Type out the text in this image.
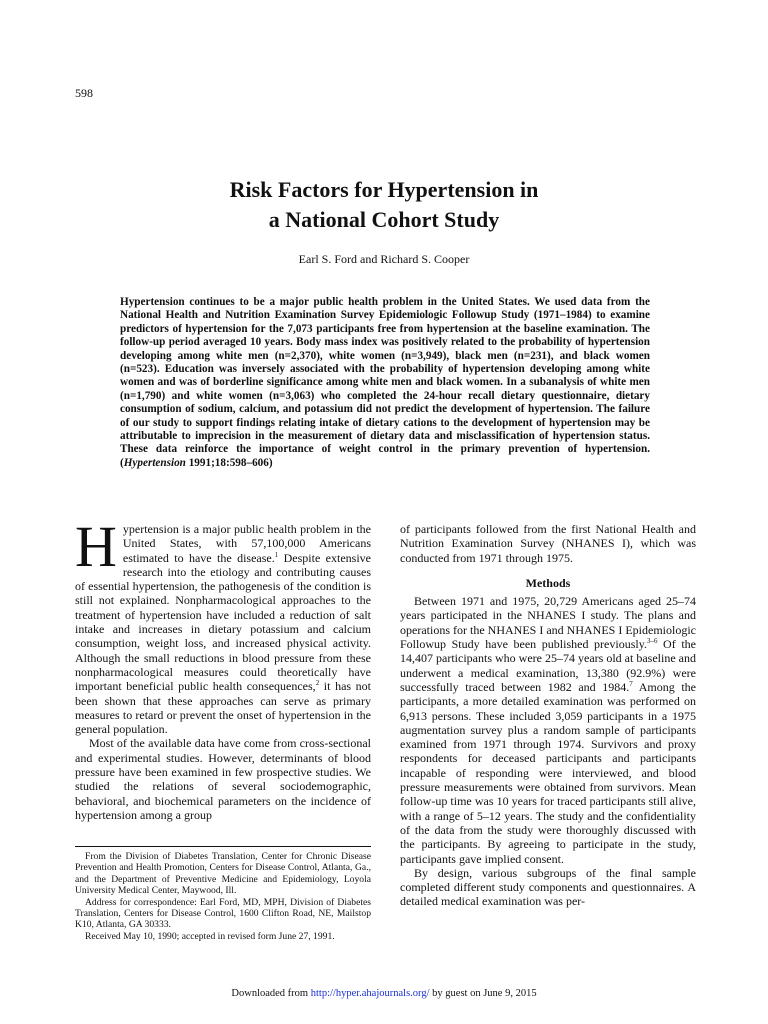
598
Risk Factors for Hypertension in
a National Cohort Study
Earl S. Ford and Richard S. Cooper

Hypertension continues to be a major public health problem in the United States. We used data from the National Health and Nutrition Examination Survey Epidemiologic Followup Study (1971–1984) to examine predictors of hypertension for the 7,073 participants free from hypertension at the baseline examination. The follow-up period averaged 10 years. Body mass index was positively related to the probability of hypertension developing among white men (n=2,370), white women (n=3,949), black men (n=231), and black women (n=523). Education was inversely associated with the probability of hypertension developing among white women and was of borderline significance among white men and black women. In a subanalysis of white men (n=1,790) and white women (n=3,063) who completed the 24-hour recall dietary questionnaire, dietary consumption of sodium, calcium, and potassium did not predict the development of hypertension. The failure of our study to support findings relating intake of dietary cations to the development of hypertension may be attributable to imprecision in the measurement of dietary data and misclassification of hypertension status. These data reinforce the importance of weight control in the primary prevention of hypertension. (Hypertension 1991;18:598–606)

Hypertension is a major public health problem in the United States, with 57,100,000 Americans estimated to have the disease.$^1$ Despite extensive research into the etiology and contributing causes of essential hypertension, the pathogenesis of the condition is still not explained. Nonpharmacological approaches to the treatment of hypertension have included a reduction of salt intake and increases in dietary potassium and calcium consumption, weight loss, and increased physical activity. Although the small reductions in blood pressure from these nonpharmacological measures could theoretically have important beneficial public health consequences,$^2$ it has not been shown that these approaches can serve as primary measures to retard or prevent the onset of hypertension in the general population.

Most of the available data have come from cross-sectional and experimental studies. However, determinants of blood pressure have been examined in few prospective studies. We studied the relations of several sociodemographic, behavioral, and biochemical parameters on the incidence of hypertension among a group

of participants followed from the first National Health and Nutrition Examination Survey (NHANES I), which was conducted from 1971 through 1975.

Methods

Between 1971 and 1975, 20,729 Americans aged 25–74 years participated in the NHANES I study. The plans and operations for the NHANES I and NHANES I Epidemiologic Followup Study have been published previously.$^{3-6}$ Of the 14,407 participants who were 25–74 years old at baseline and underwent a medical examination, 13,380 (92.9%) were successfully traced between 1982 and 1984.$^7$ Among the participants, a more detailed examination was performed on 6,913 persons. These included 3,059 participants in a 1975 augmentation survey plus a random sample of participants examined from 1971 through 1974. Survivors and proxy respondents for deceased participants and participants incapable of responding were interviewed, and blood pressure measurements were obtained from survivors. Mean follow-up time was 10 years for traced participants still alive, with a range of 5–12 years. The study and the confidentiality of the data from the study were thoroughly discussed with the participants. By agreeing to participate in the study, participants gave implied consent.

By design, various subgroups of the final sample completed different study components and questionnaires. A detailed medical examination was per-

From the Division of Diabetes Translation, Center for Chronic Disease Prevention and Health Promotion, Centers for Disease Control, Atlanta, Ga., and the Department of Preventive Medicine and Epidemiology, Loyola University Medical Center, Maywood, Ill.

Address for correspondence: Earl Ford, MD, MPH, Division of Diabetes Translation, Centers for Disease Control, 1600 Clifton Road, NE, Mailstop K10, Atlanta, GA 30333.

Received May 10, 1990; accepted in revised form June 27, 1991.

Downloaded from http://hyper.ahajournals.org/ by guest on June 9, 2015
